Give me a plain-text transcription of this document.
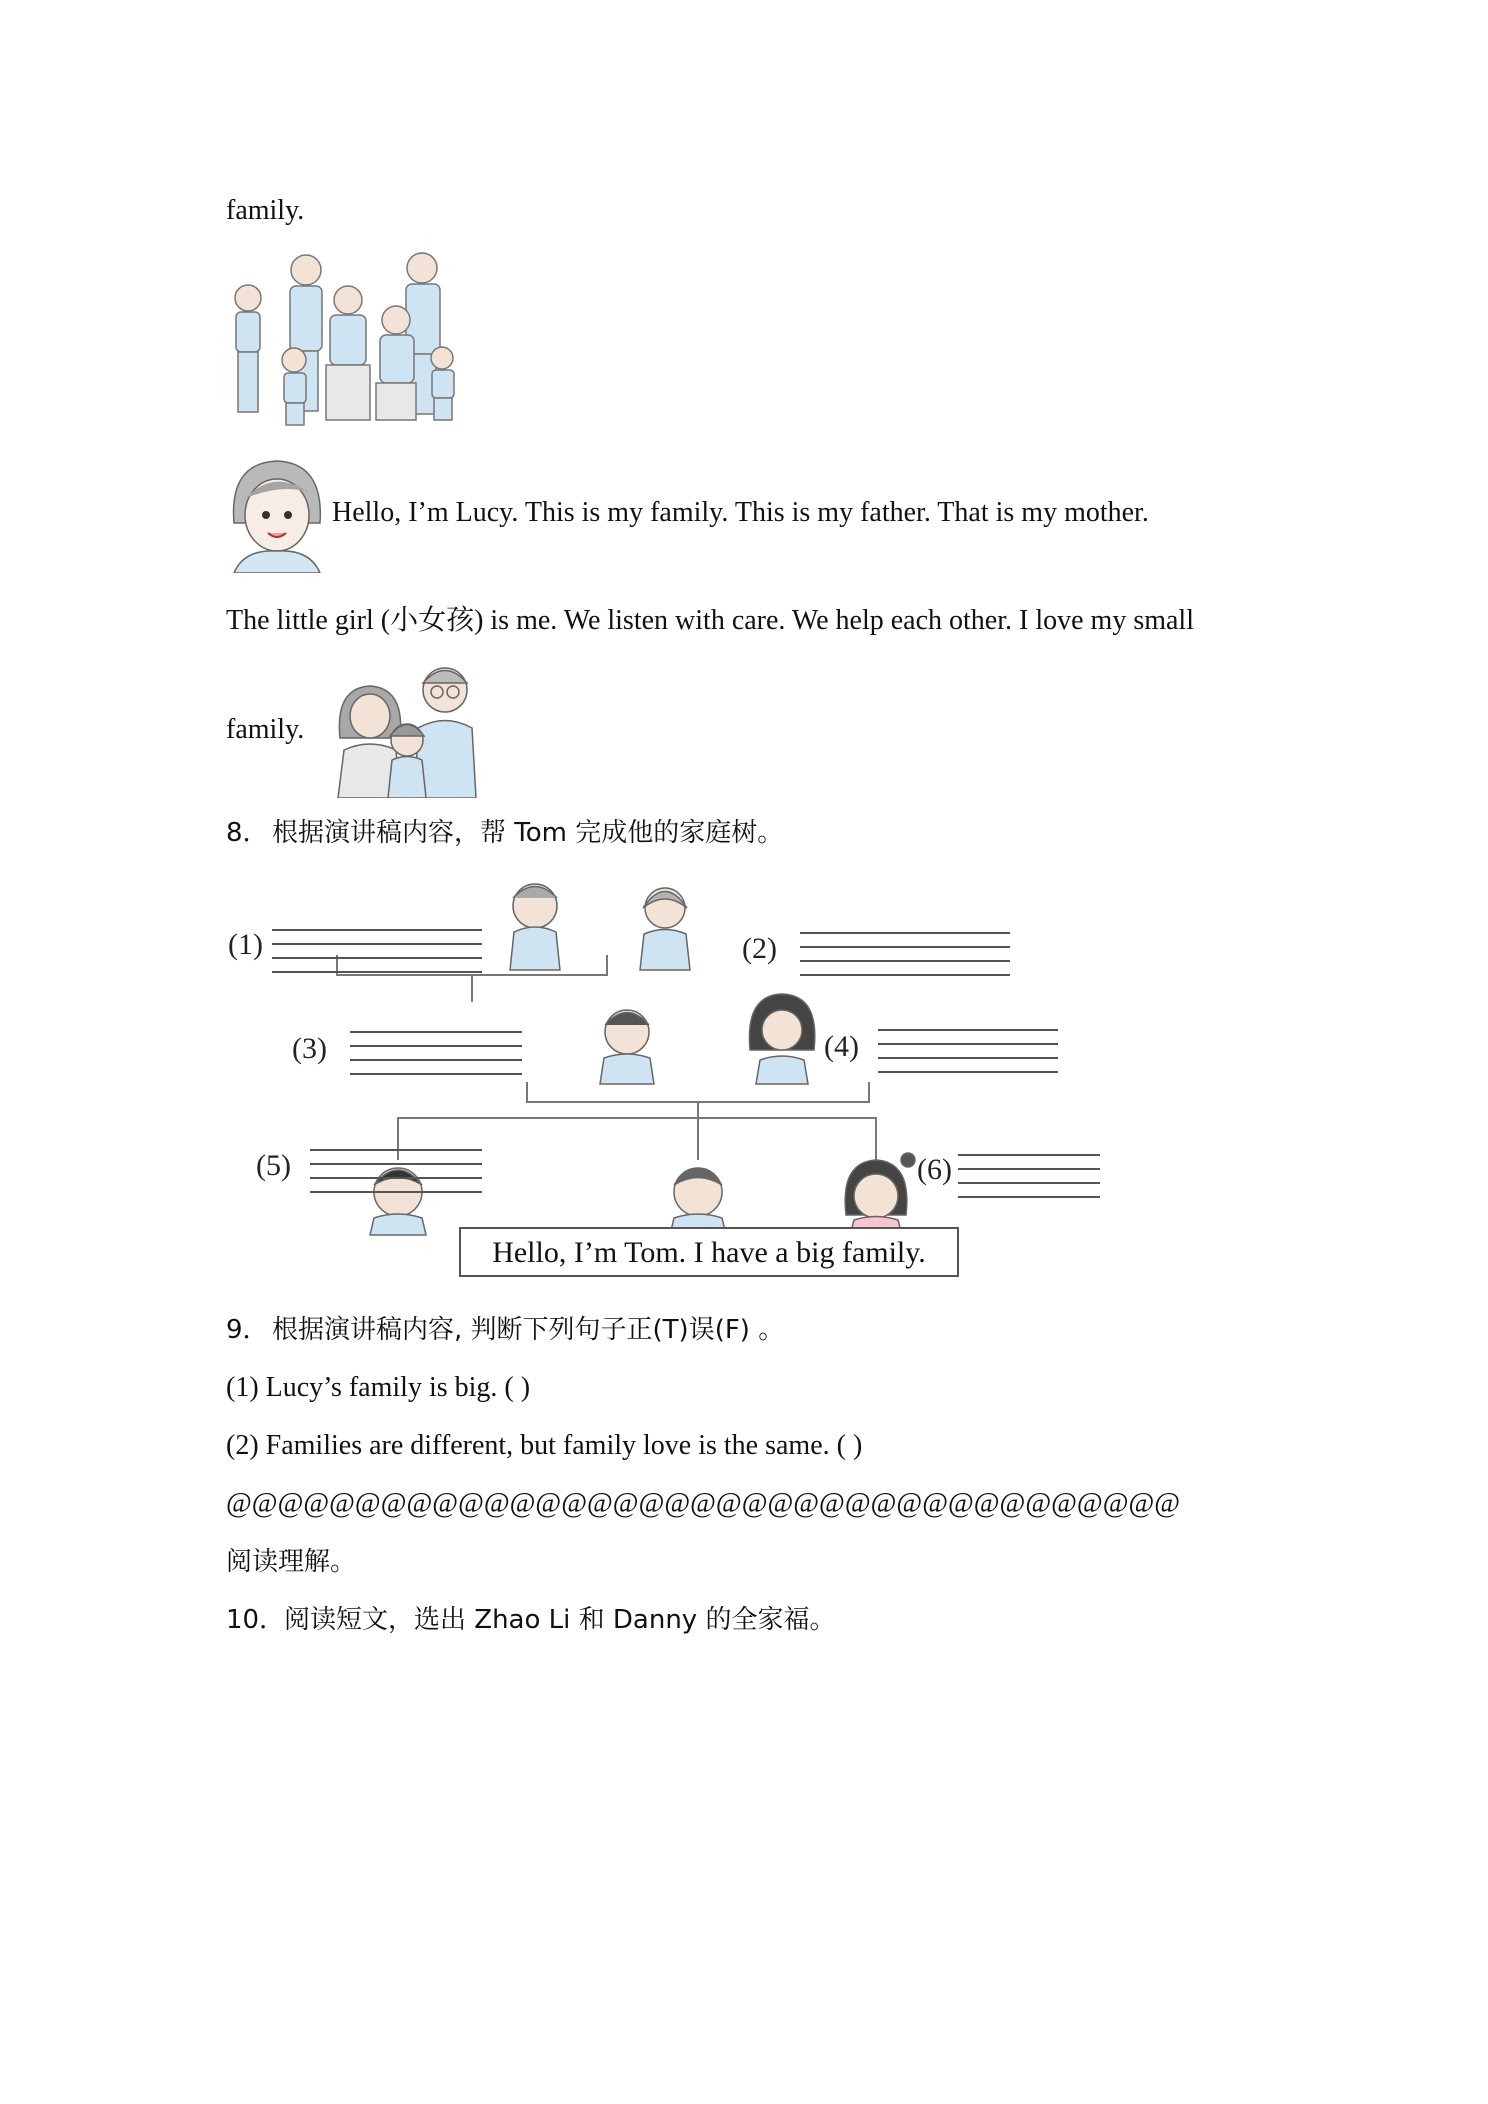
family.
Hello, I’m Lucy. This is my family. This is my father. That is my mother.
The little girl (小女孩) is me. We listen with care. We help each other. I love my small
family.
8． 根据演讲稿内容，帮 Tom 完成他的家庭树。
(1)	(2)
(3)	(4)
(5)	(6)
Hello, I’m Tom. I have a big family.
9． 根据演讲稿内容, 判断下列句子正(T)误(F) 。
(1) Lucy’s family is big. ( )
(2) Families are different, but family love is the same. ( )
@@@@@@@@@@@@@@@@@@@@@@@@@@@@@@@@@@@@@
阅读理解。
10．
阅读短文，选出 Zhao Li 和 Danny 的全家福。
